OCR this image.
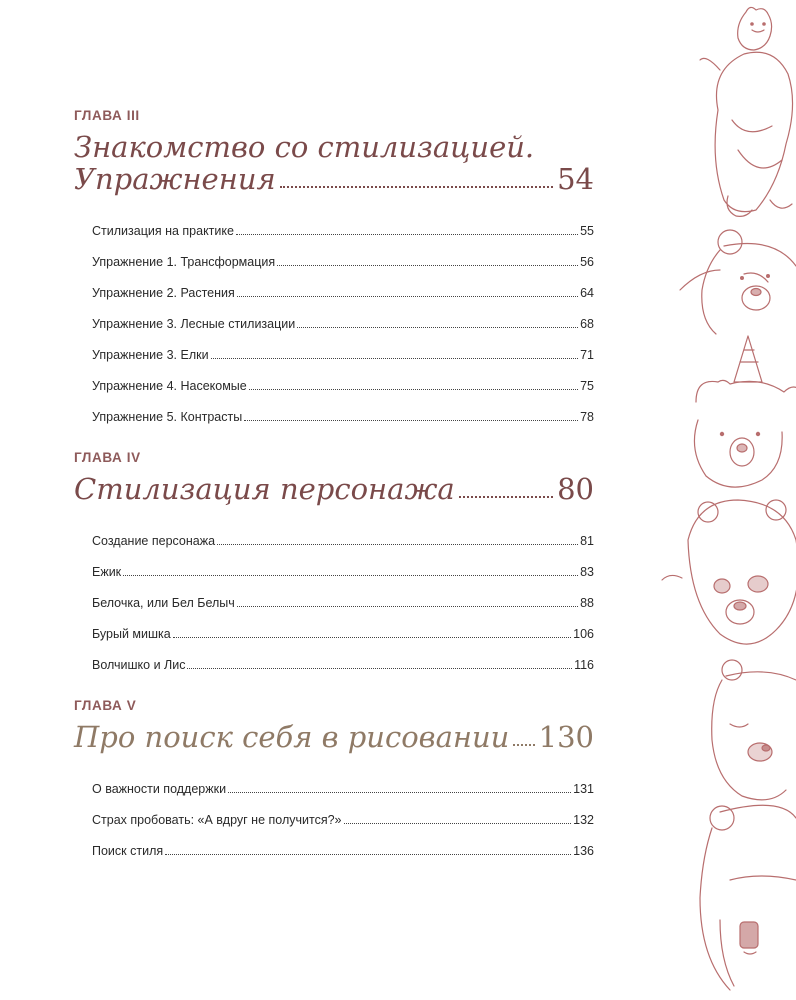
ГЛАВА III
Знакомство со стилизацией.
Упражнения	54
Стилизация на практике	55
Упражнение 1. Трансформация	56
Упражнение 2. Растения	64
Упражнение 3. Лесные стилизации	68
Упражнение 3. Елки	71
Упражнение 4. Насекомые	75
Упражнение 5. Контрасты	78
ГЛАВА IV
Стилизация персонажа	80
Создание персонажа	81
Ежик	83
Белочка, или Бел Белыч	88
Бурый мишка	106
Волчишко и Лис	116
ГЛАВА V
Про поиск себя в рисовании 130
О важности поддержки	131
Страх пробовать: «А вдруг не получится?»	132
Поиск стиля	136
